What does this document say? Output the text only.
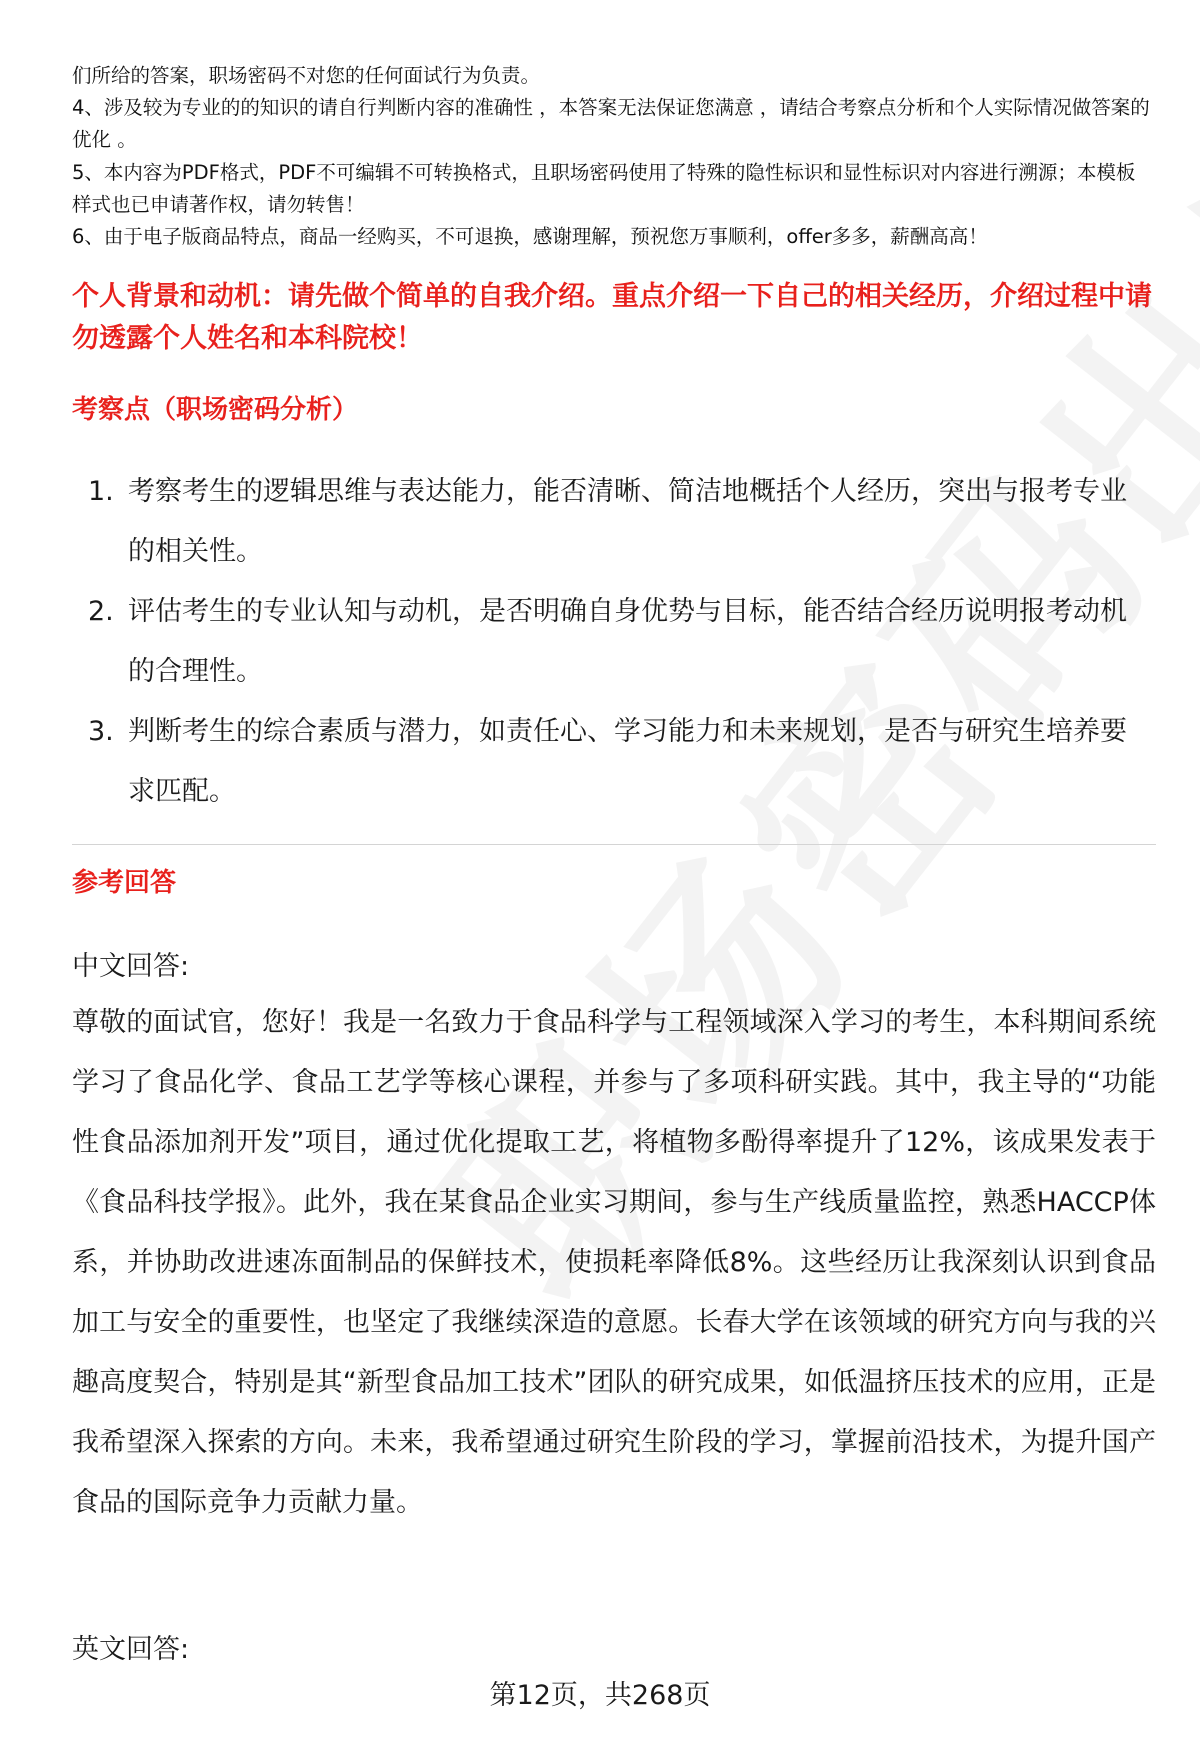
们所给的答案，职场密码不对您的任何面试行为负责。

4、涉及较为专业的的知识的请自行判断内容的准确性 ，本答案无法保证您满意 ，请结合考察点分析和个人实际情况做答案的优化 。

5、本内容为PDF格式，PDF不可编辑不可转换格式，且职场密码使用了特殊的隐性标识和显性标识对内容进行溯源；本模板样式也已申请著作权，请勿转售！

6、由于电子版商品特点，商品一经购买，不可退换，感谢理解，预祝您万事顺利，offer多多，薪酬高高！

个人背景和动机：请先做个简单的自我介绍。重点介绍一下自己的相关经历，介绍过程中请勿透露个人姓名和本科院校！
考察点（职场密码分析）
1. 考察考生的逻辑思维与表达能力，能否清晰、简洁地概括个人经历，突出与报考专业的相关性。
2. 评估考生的专业认知与动机，是否明确自身优势与目标，能否结合经历说明报考动机的合理性。
3. 判断考生的综合素质与潜力，如责任心、学习能力和未来规划，是否与研究生培养要求匹配。
参考回答
中文回答:

尊敬的面试官，您好！我是一名致力于食品科学与工程领域深入学习的考生，本科期间系统学习了食品化学、食品工艺学等核心课程，并参与了多项科研实践。其中，我主导的“功能性食品添加剂开发”项目，通过优化提取工艺，将植物多酚得率提升了12%，该成果发表于《食品科技学报》。此外，我在某食品企业实习期间，参与生产线质量监控，熟悉HACCP体系，并协助改进速冻面制品的保鲜技术，使损耗率降低8%。这些经历让我深刻认识到食品加工与安全的重要性，也坚定了我继续深造的意愿。长春大学在该领域的研究方向与我的兴趣高度契合，特别是其“新型食品加工技术”团队的研究成果，如低温挤压技术的应用，正是我希望深入探索的方向。未来，我希望通过研究生阶段的学习，掌握前沿技术，为提升国产食品的国际竞争力贡献力量。

英文回答:
第12页，共268页
